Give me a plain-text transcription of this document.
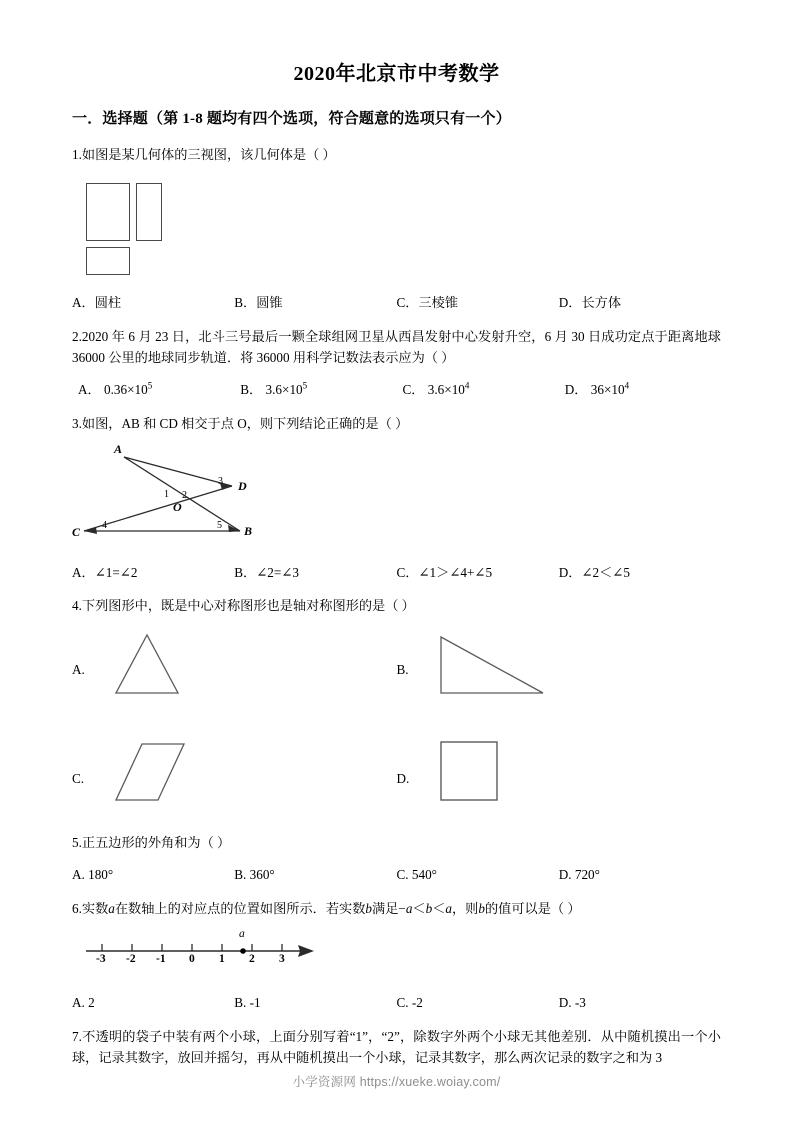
2020年北京市中考数学
一．选择题（第 1-8 题均有四个选项，符合题意的选项只有一个）
1.如图是某几何体的三视图，该几何体是（ ）
A．圆柱	B．圆锥	C．三棱锥	D．长方体
2.2020 年 6 月 23 日，北斗三号最后一颗全球组网卫星从西昌发射中心发射升空，6 月 30 日成功定点于距离地球 36000 公里的地球同步轨道．将 36000 用科学记数法表示应为（ ）
A． $0.36\times 10^5$	B． $3.6\times 10^5$	C． $3.6\times 10^4$	D． $36\times 10^4$
3.如图，AB 和 CD 相交于点 O，则下列结论正确的是（ ）
A
D
O
C	B
1 2
3
4	5
A．∠1=∠2	B．∠2=∠3	C．∠1＞∠4+∠5	D．∠2＜∠5
4.下列图形中，既是中心对称图形也是轴对称图形的是（ ）
A.	B.
C.	D.
5.正五边形的外角和为（ ）
A. 180°	B. 360°	C. 540°	D. 720°
6.实数a在数轴上的对应点的位置如图所示．若实数b满足−a＜b＜a，则b的值可以是（ ）
a
-3 -2 -1 0 1 2 3
A. 2	B. -1	C. -2	D. -3
7.不透明的袋子中装有两个小球，上面分别写着“1”，“2”，除数字外两个小球无其他差别．从中随机摸出一个小球，记录其数字，放回并摇匀，再从中随机摸出一个小球，记录其数字，那么两次记录的数字之和为 3
小学资源网 https://xueke.woiay.com/
